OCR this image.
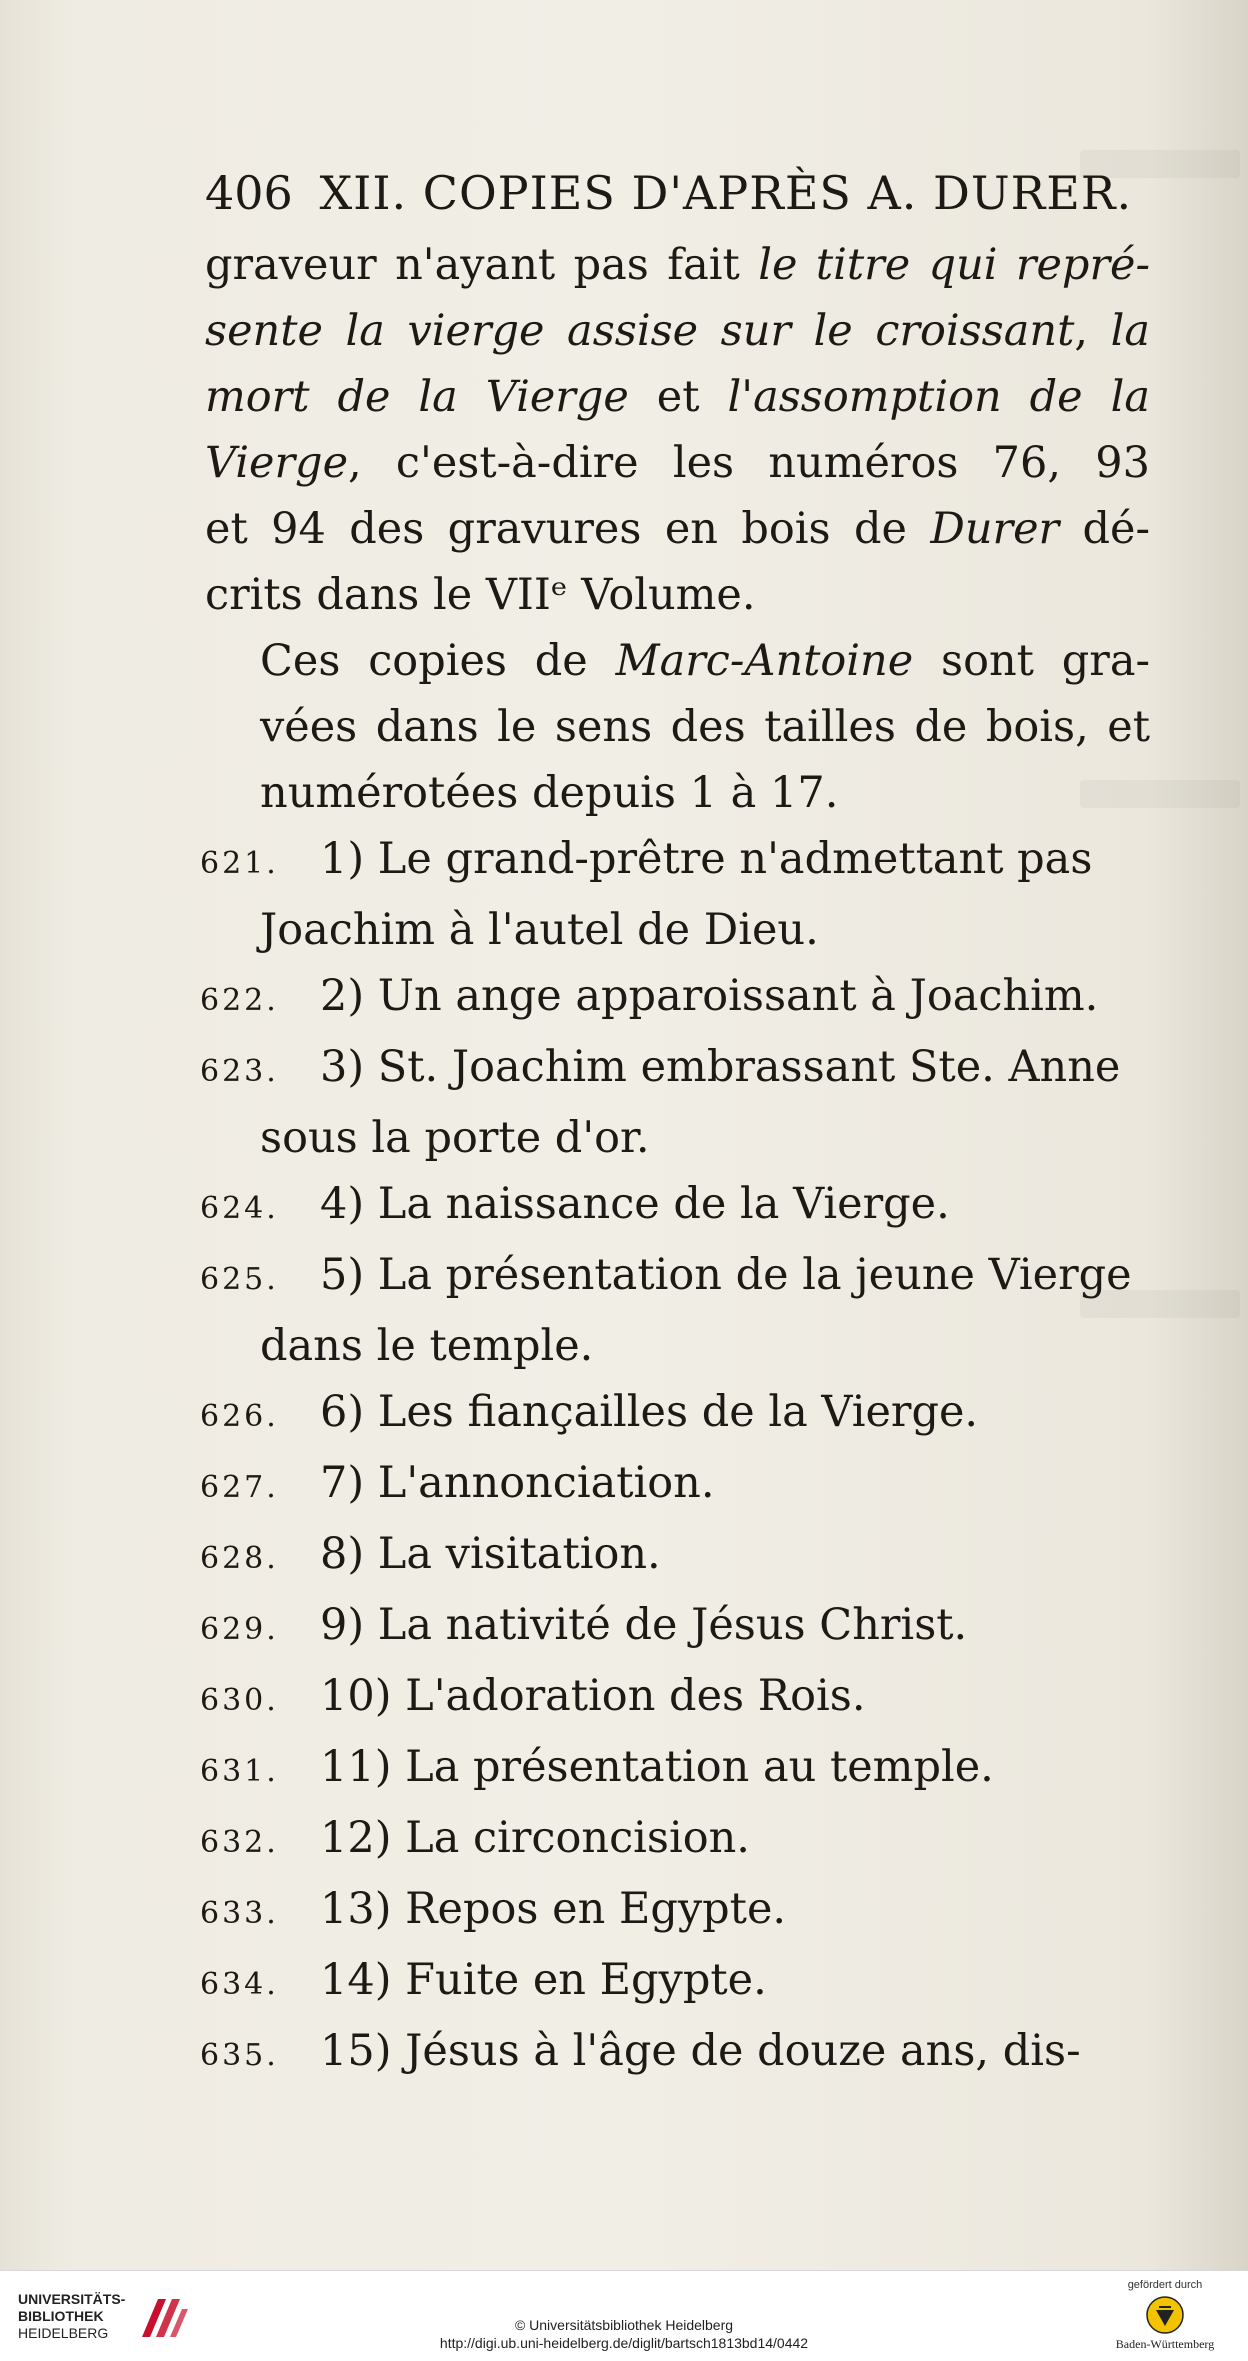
406 XII. COPIES D'APRÈS A. DURER.
graveur n'ayant pas fait le titre qui repré-
sente la vierge assise sur le croissant, la
mort de la Vierge et l'assomption de la
Vierge, c'est-à-dire les numéros 76, 93
et 94 des gravures en bois de Durer dé-
crits dans le VIIᵉ Volume.
Ces copies de Marc-Antoine sont gra-
vées dans le sens des tailles de bois, et
numérotées depuis 1 à 17.
621. 1) Le grand-prêtre n'admettant pas
Joachim à l'autel de Dieu.
622. 2) Un ange apparoissant à Joachim.
623. 3) St. Joachim embrassant Ste. Anne
sous la porte d'or.
624. 4) La naissance de la Vierge.
625. 5) La présentation de la jeune Vierge
dans le temple.
626. 6) Les fiançailles de la Vierge.
627. 7) L'annonciation.
628. 8) La visitation.
629. 9) La nativité de Jésus Christ.
630. 10) L'adoration des Rois.
631. 11) La présentation au temple.
632. 12) La circoncision.
633. 13) Repos en Egypte.
634. 14) Fuite en Egypte.
635. 15) Jésus à l'âge de douze ans, dis-
UNIVERSITÄTS-
BIBLIOTHEK
HEIDELBERG	© Universitätsbibliothek Heidelberg
http://digi.ub.uni-heidelberg.de/diglit/bartsch1813bd14/0442
gefördert durch
Baden-Württemberg
